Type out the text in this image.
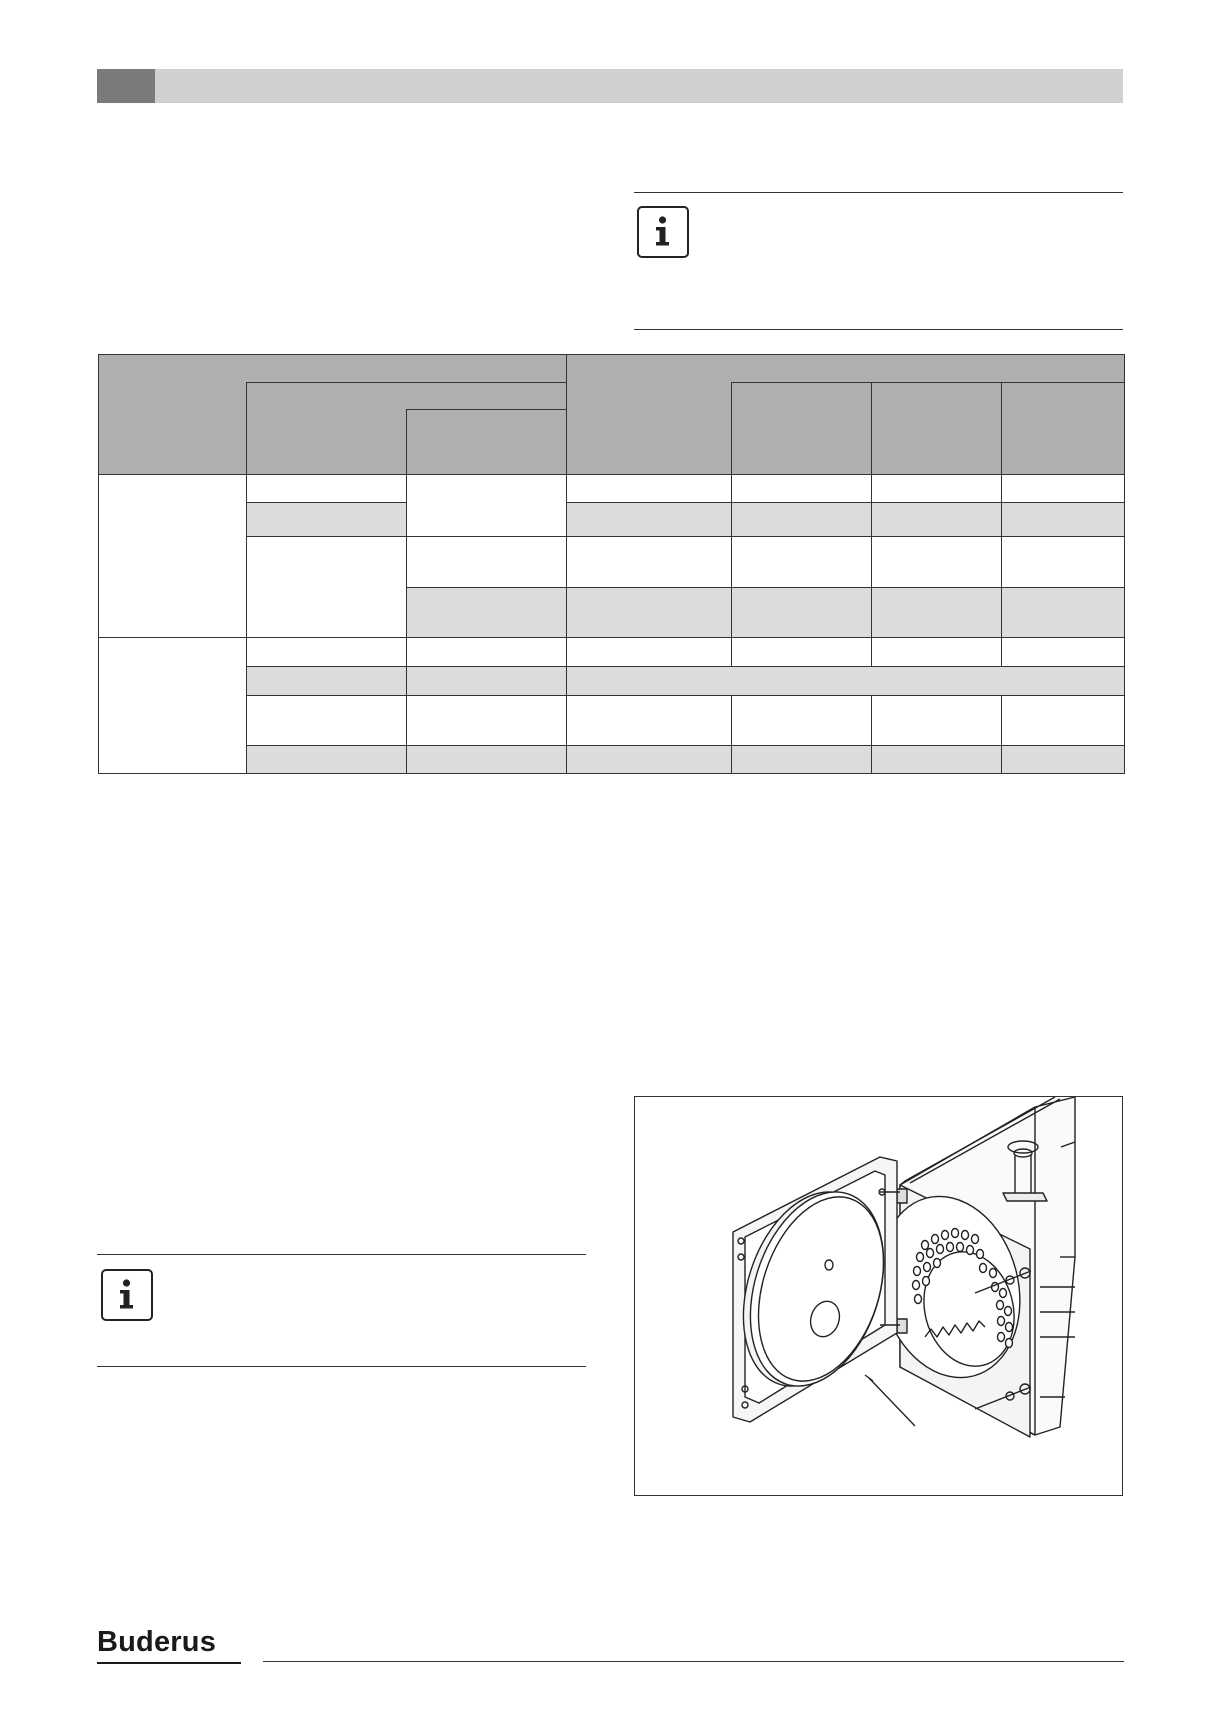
Buderus
